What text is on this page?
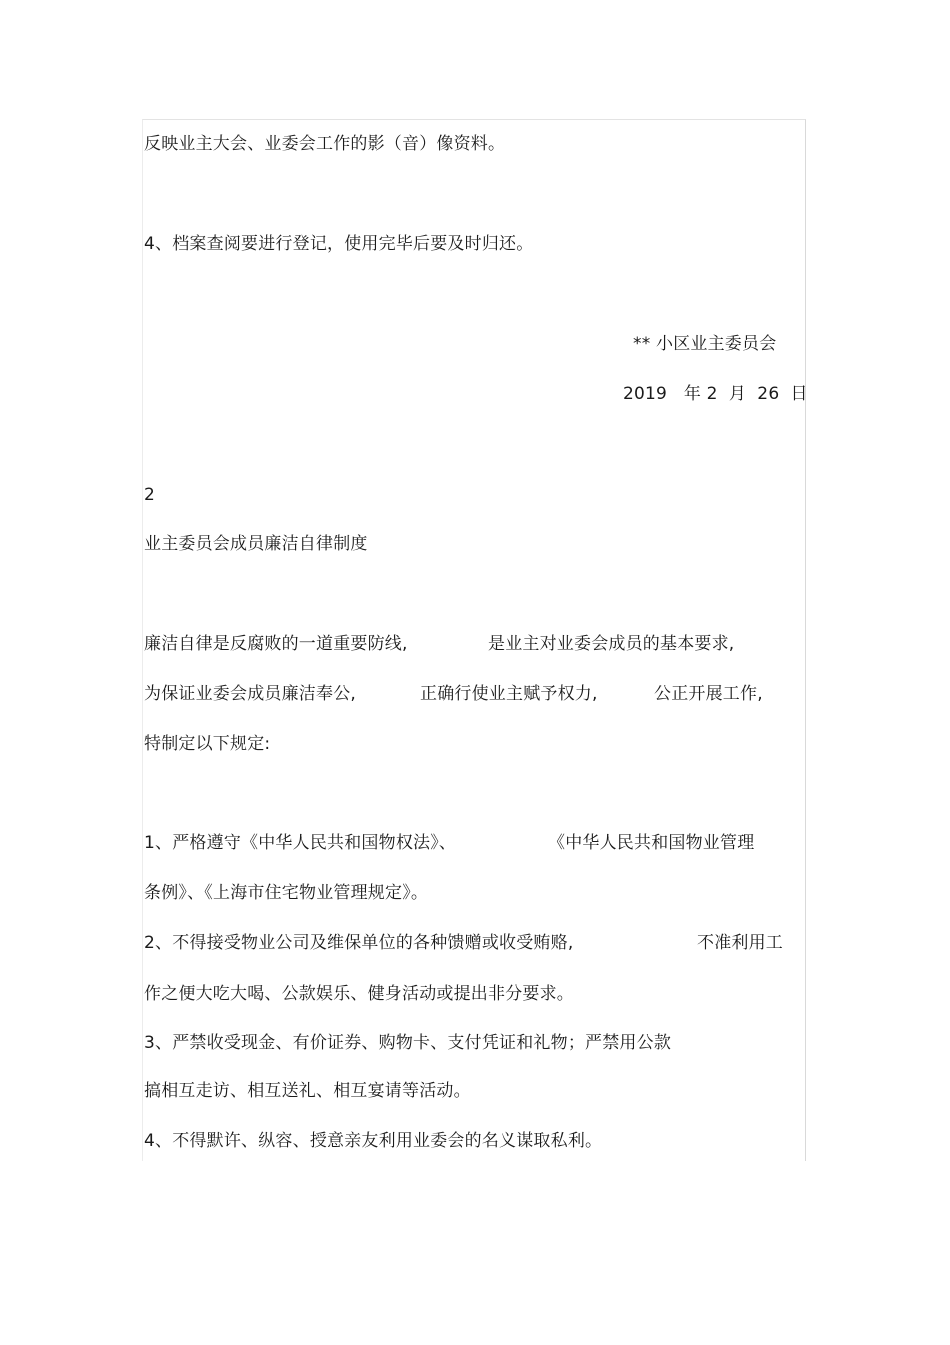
反映业主大会、业委会工作的影（音）像资料。
4、档案查阅要进行登记，使用完毕后要及时归还。
** 小区业主委员会
2019   年 2  月  26  日
2
业主委员会成员廉洁自律制度
廉洁自律是反腐败的一道重要防线,	是业主对业委会成员的基本要求,
为保证业委会成员廉洁奉公,	正确行使业主赋予权力,	公正开展工作,
特制定以下规定:
1、严格遵守《中华人民共和国物权法》、	《中华人民共和国物业管理
条例》、《上海市住宅物业管理规定》。
2、不得接受物业公司及维保单位的各种馈赠或收受贿赂,	不准利用工
作之便大吃大喝、公款娱乐、健身活动或提出非分要求。
3、严禁收受现金、有价证券、购物卡、支付凭证和礼物；严禁用公款
搞相互走访、相互送礼、相互宴请等活动。
4、不得默许、纵容、授意亲友利用业委会的名义谋取私利。
